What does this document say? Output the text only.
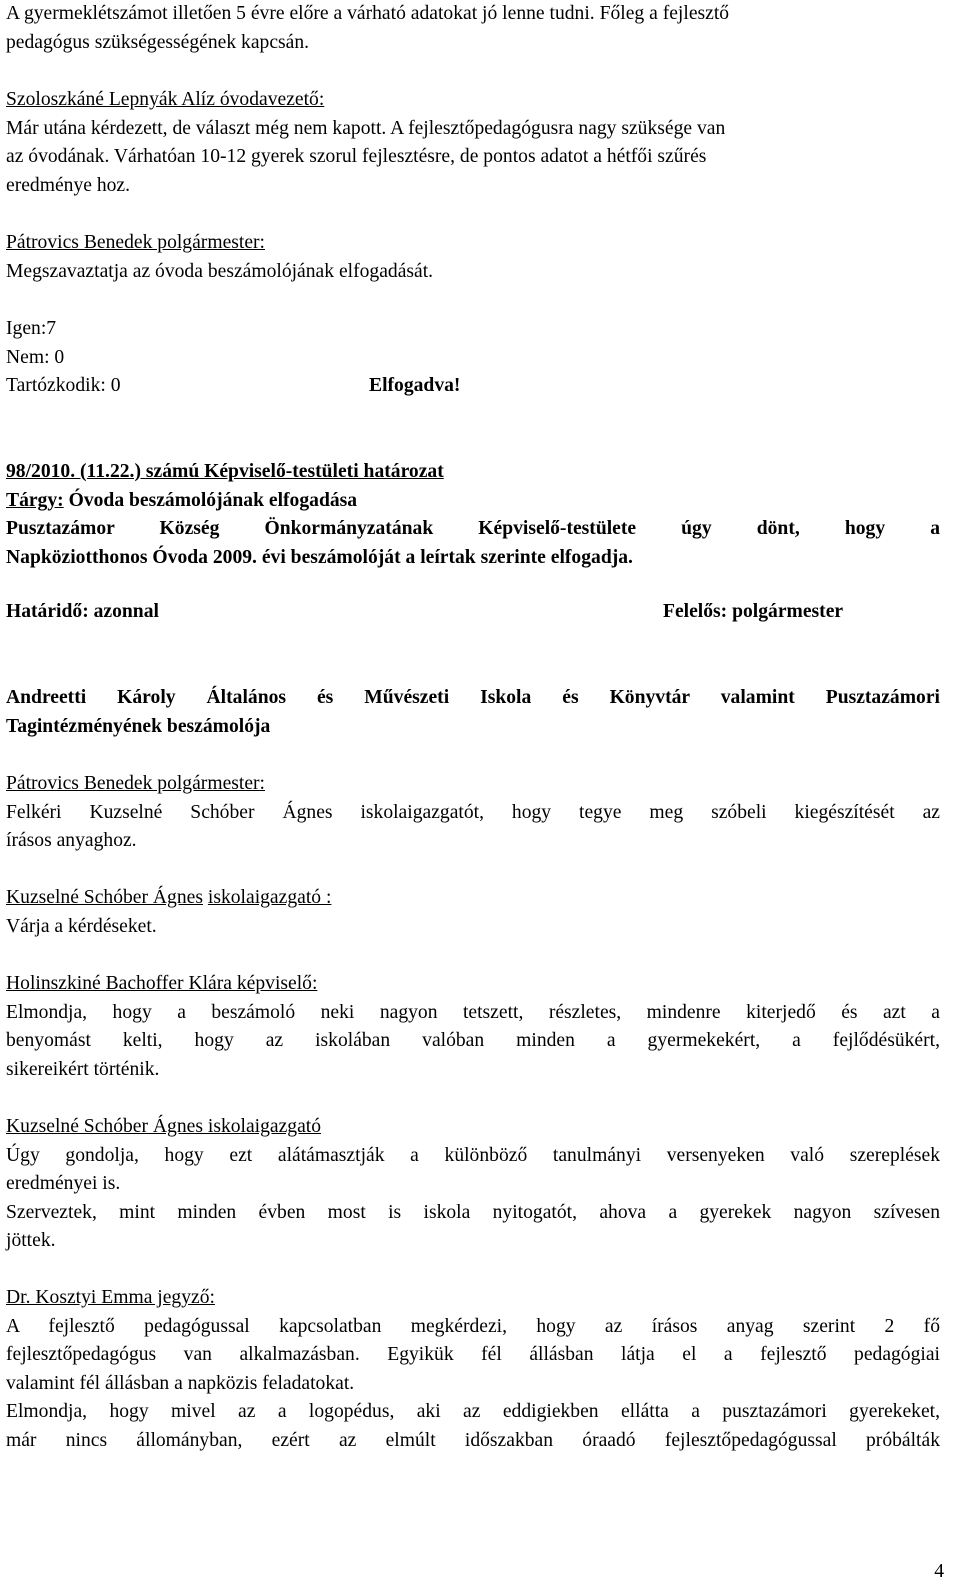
A gyermeklétszámot illetően 5 évre előre a várható adatokat jó lenne tudni. Főleg a fejlesztő
pedagógus szükségességének kapcsán.
Szoloszkáné Lepnyák Alíz óvodavezető:
Már utána kérdezett, de választ még nem kapott. A fejlesztőpedagógusra nagy szüksége van
az óvodának. Várhatóan 10-12 gyerek szorul fejlesztésre, de pontos adatot a hétfői szűrés
eredménye hoz.
Pátrovics Benedek polgármester:
Megszavaztatja az óvoda beszámolójának elfogadását.
Igen:7
Nem: 0
Tartózkodik: 0	Elfogadva!
98/2010. (11.22.) számú Képviselő-testületi határozat
Tárgy: Óvoda beszámolójának elfogadása
Pusztazámor Község Önkormányzatának Képviselő-testülete úgy dönt, hogy a
Napköziotthonos Óvoda 2009. évi beszámolóját a leírtak szerinte elfogadja.
Határidő: azonnal	Felelős: polgármester
Andreetti Károly Általános és Művészeti Iskola és Könyvtár valamint Pusztazámori
Tagintézményének beszámolója
Pátrovics Benedek polgármester:
Felkéri Kuzselné Schóber Ágnes iskolaigazgatót, hogy tegye meg szóbeli kiegészítését az
írásos anyaghoz.
Kuzselné Schóber Ágnes iskolaigazgató :
Várja a kérdéseket.
Holinszkiné Bachoffer Klára képviselő:
Elmondja, hogy a beszámoló neki nagyon tetszett, részletes, mindenre kiterjedő és azt a
benyomást kelti, hogy az iskolában valóban minden a gyermekekért, a fejlődésükért,
sikereikért történik.
Kuzselné Schóber Ágnes iskolaigazgató
Úgy gondolja, hogy ezt alátámasztják a különböző tanulmányi versenyeken való szereplések
eredményei is.
Szerveztek, mint minden évben most is iskola nyitogatót, ahova a gyerekek nagyon szívesen
jöttek.
Dr. Kosztyi Emma jegyző:
A fejlesztő pedagógussal kapcsolatban megkérdezi, hogy az írásos anyag szerint 2 fő
fejlesztőpedagógus van alkalmazásban. Egyikük fél állásban látja el a fejlesztő pedagógiai
valamint fél állásban a napközis feladatokat.
Elmondja, hogy mivel az a logopédus, aki az eddigiekben ellátta a pusztazámori gyerekeket,
már nincs állományban, ezért az elmúlt időszakban óraadó fejlesztőpedagógussal próbálták
4
